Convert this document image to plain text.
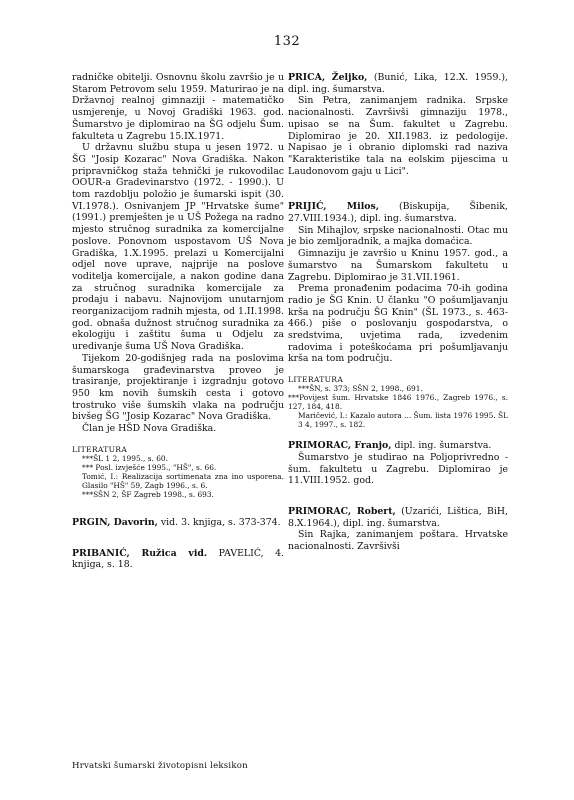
132

radničke obitelji. Osnovnu školu završio je u Starom Petrovom selu 1959. Maturirao je na Državnoj realnoj gimnaziji - matematičko usmjerenje, u Novoj Gradiški 1963. god. Šumarstvo je diplomirao na ŠG odjelu Šum. fakulteta u Zagrebu 15.IX.1971.

U državnu službu stupa u jesen 1972. u ŠG "Josip Kozarac" Nova Gradiška. Nakon pripravničkog staža tehnički je rukovodilac OOUR-a Gradevinarstvo (1972. - 1990.). U tom razdoblju položio je šumarski ispit (30. VI.1978.). Osnivanjem JP "Hrvatske šume" (1991.) premješten je u UŠ Požega na radno mjesto stručnog suradnika za komercijalne poslove. Ponovnom uspostavom UŠ Nova Gradiška, 1.X.1995. prelazi u Komercijalni odjel nove uprave, najprije na poslove voditelja komercijale, a nakon godine dana za stručnog suradnika komercijale za prodaju i nabavu. Najnovijom unutarnjom reorganizacijom radnih mjesta, od 1.II.1998. god. obnaša dužnost stručnog suradnika za ekologiju i zaštitu šuma u Odjelu za uredivanje šuma UŠ Nova Gradiška.

Tijekom 20-godišnjeg rada na poslovima šumarskoga građevinarstva proveo je trasiranje, projektiranje i izgradnju gotovo 950 km novih šumskih cesta i gotovo trostruko više šumskih vlaka na području bivšeg ŠG "Josip Kozarac" Nova Gradiška.

Član je HŠD Nova Gradiška.

LITERATURA
***ŠL 1 2, 1995., s. 60.
*** Posl. izvješće 1995., "HŠ", s. 66.
Tomić, I.: Realizacija sortimenata zna ino usporena. Glasilo "HŠ" 59, Zagb 1996., s. 6.
***SŠN 2, ŠF Zagreb 1998., s. 693.

PRGIN, Davorin, vid. 3. knjiga, s. 373-374.

PRIBANIĆ, Ružica vid. PAVELIĆ, 4. knjiga, s. 18.

PRICA, Željko, (Bunić, Lika, 12.X. 1959.), dipl. ing. šumarstva.

Sin Petra, zanimanjem radnika. Srpske nacionalnosti. Završivši gimnaziju 1978., upisao se na Šum. fakultet u Zagrebu. Diplomirao je 20. XII.1983. iz pedologije. Napisao je i obranio diplomski rad naziva "Karakteristike tala na eolskim pijescima u Laudonovom gaju u Lici".

PRIJIĆ, Milos, (Biskupija, Šibenik, 27.VIII.1934.), dipl. ing. šumarstva.

Sin Mihajlov, srpske nacionalnosti. Otac mu je bio zemljoradnik, a majka domaćica.

Gimnaziju je završio u Kninu 1957. god., a šumarstvo na Šumarskom fakultetu u Zagrebu. Diplomirao je 31.VII.1961.

Prema pronađenim podacima 70-ih godina radio je ŠG Knin. U članku "O pošumljavanju krša na području ŠG Knin" (ŠL 1973., s. 463-466.) piše o poslovanju gospodarstva, o sredstvima, uvjetima rada, izvedenim radovima i poteškoćama pri pošumljavanju krša na tom području.

LITERATURA
***ŠN, s. 373; SŠN 2, 1998., 691.
***Povijest šum. Hrvatske 1846 1976., Zagreb 1976., s. 127, 184, 418.
Maričević, I.: Kazalo autora ... Šum. lista 1976 1995. ŠL 3 4, 1997., s. 182.

PRIMORAC, Franjo, dipl. ing. šumarstva.

Šumarstvo je studirao na Poljoprivredno - šum. fakultetu u Zagrebu. Diplomirao je 11.VIII.1952. god.

PRIMORAC, Robert, (Uzarići, Lištica, BiH, 8.X.1964.), dipl. ing. šumarstva.

Sin Rajka, zanimanjem poštara. Hrvatske nacionalnosti. Završivši

Hrvatski šumarski životopisni leksikon
